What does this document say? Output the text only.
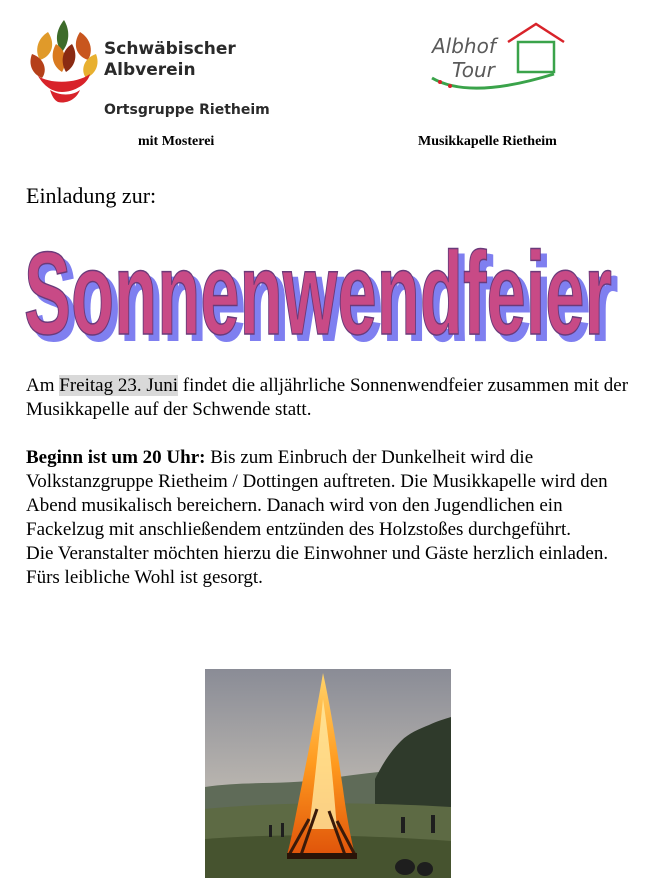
Schwäbischer
Albverein
Ortsgruppe Rietheim
Albhof
Tour
mit Mosterei	Musikkapelle Rietheim
Einladung zur:
Sonnenwendfeier
Sonnenwendfeier

Am Freitag 23. Juni findet die alljährliche Sonnenwendfeier zusammen mit der Musikkapelle auf der Schwende statt.

Beginn ist um 20 Uhr: Bis zum Einbruch der Dunkelheit wird die Volkstanzgruppe Rietheim / Dottingen auftreten. Die Musikkapelle wird den Abend musikalisch bereichern. Danach wird von den Jugendlichen ein Fackelzug mit anschließendem entzünden des Holzstoßes durchgeführt.

Die Veranstalter möchten hierzu die Einwohner und Gäste herzlich einladen. Fürs leibliche Wohl ist gesorgt.
